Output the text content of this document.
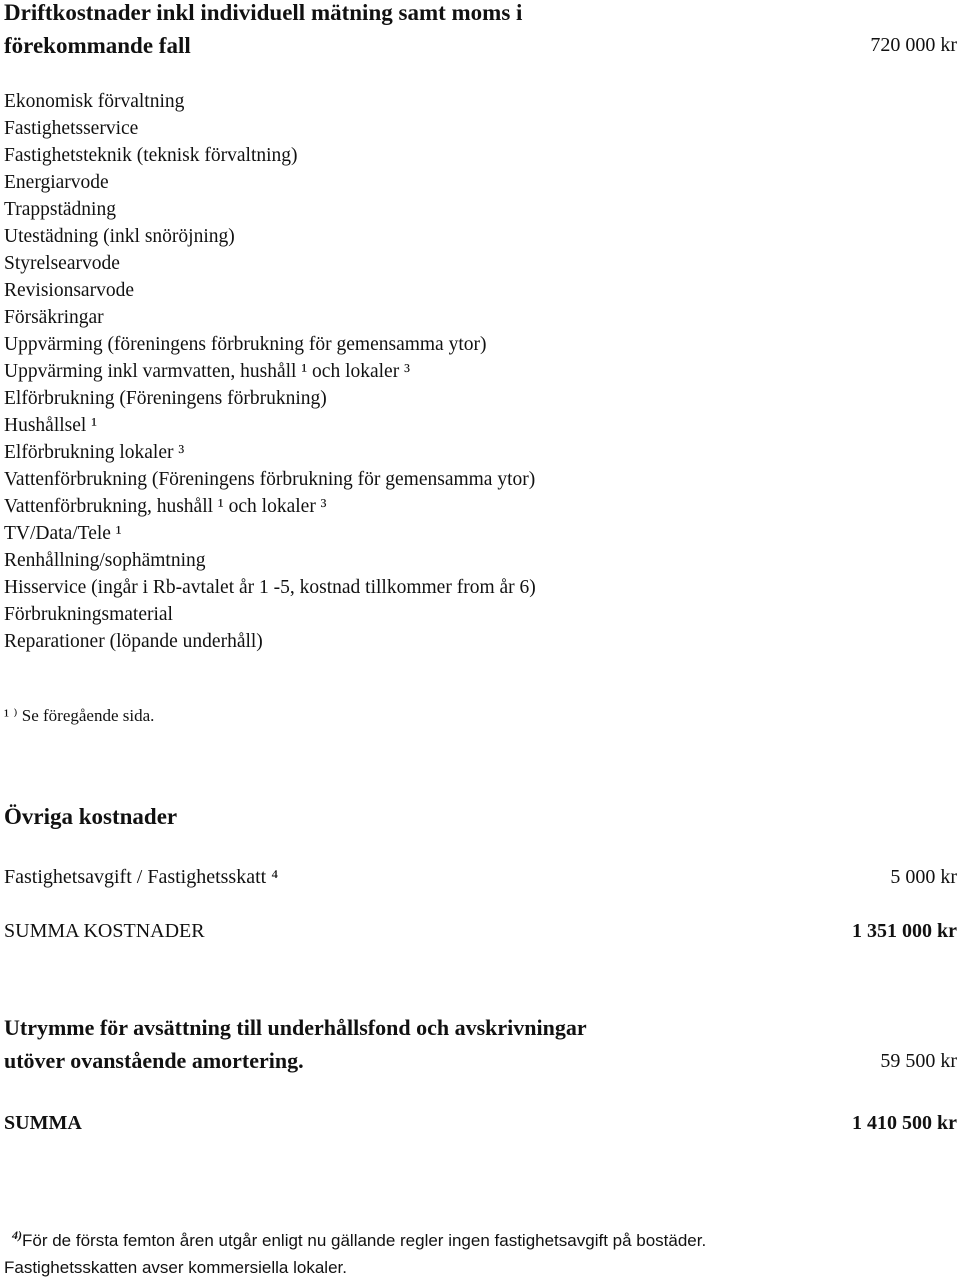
Driftkostnader inkl individuell mätning samt moms i
förekommande fall	720 000 kr
Ekonomisk förvaltning
Fastighetsservice
Fastighetsteknik (teknisk förvaltning)
Energiarvode
Trappstädning
Utestädning (inkl snöröjning)
Styrelsearvode
Revisionsarvode
Försäkringar
Uppvärming (föreningens förbrukning för gemensamma ytor)
Uppvärming inkl varmvatten, hushåll ¹ och lokaler ³
Elförbrukning (Föreningens förbrukning)
Hushållsel ¹
Elförbrukning lokaler ³
Vattenförbrukning (Föreningens förbrukning för gemensamma ytor)
Vattenförbrukning, hushåll ¹ och lokaler ³
TV/Data/Tele ¹
Renhållning/sophämtning
Hisservice (ingår i Rb-avtalet år 1 -5, kostnad tillkommer from år 6)
Förbrukningsmaterial
Reparationer (löpande underhåll)
¹ ⁾ Se föregående sida.
Övriga kostnader
Fastighetsavgift / Fastighetsskatt ⁴	5 000 kr
SUMMA KOSTNADER	1 351 000 kr
Utrymme för avsättning till underhållsfond och avskrivningar
utöver ovanstående amortering.	59 500 kr
SUMMA	1 410 500 kr
$^{4)}$För de första femton åren utgår enligt nu gällande regler ingen fastighetsavgift på bostäder. Fastighetsskatten avser kommersiella lokaler.
